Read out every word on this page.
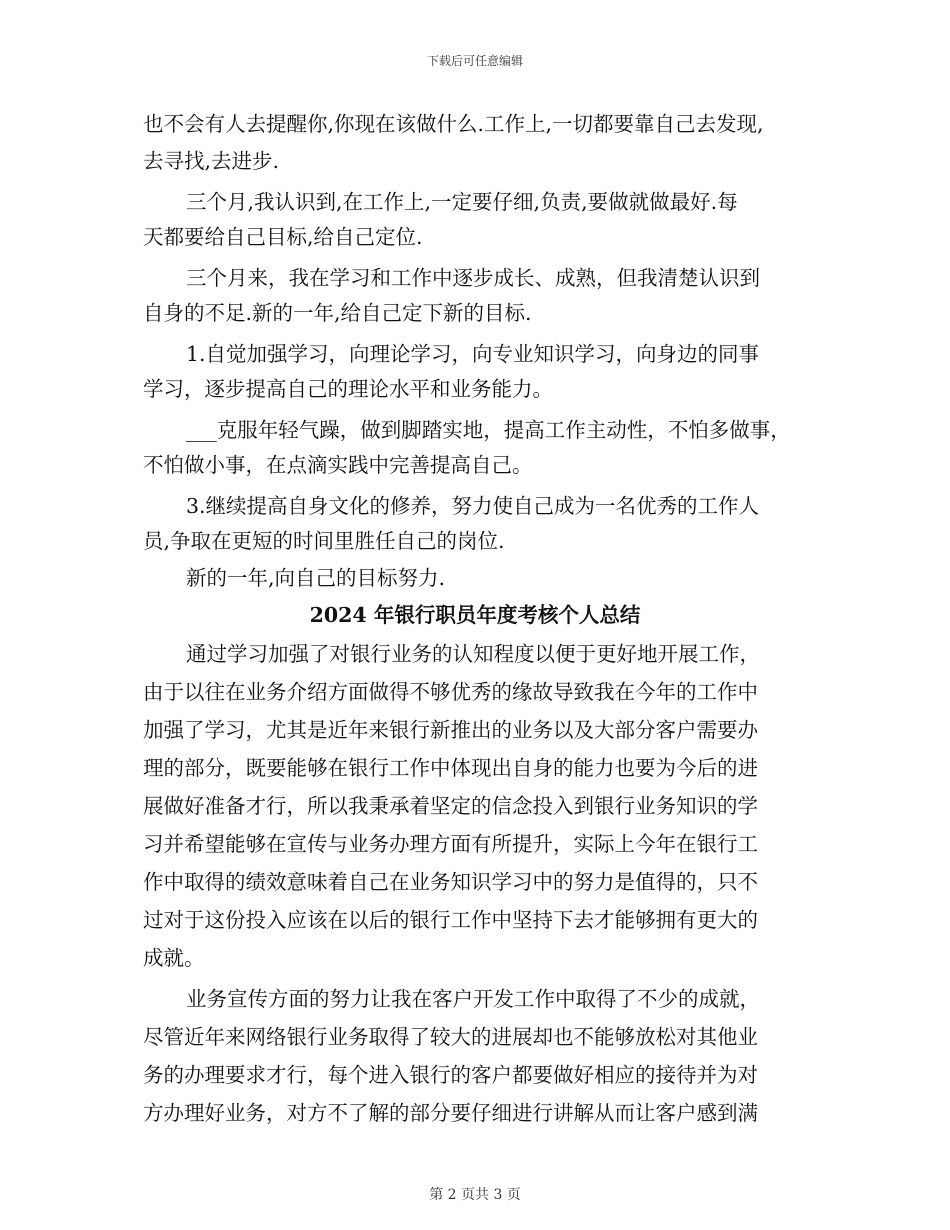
下载后可任意编辑
也不会有人去提醒你,你现在该做什么.工作上,一切都要靠自己去发现,
去寻找,去进步.
三个月,我认识到,在工作上,一定要仔细,负责,要做就做最好.每
天都要给自己目标,给自己定位.
三个月来，我在学习和工作中逐步成长、成熟，但我清楚认识到
自身的不足.新的一年,给自己定下新的目标.
1.自觉加强学习，向理论学习，向专业知识学习，向身边的同事
学习，逐步提高自己的理论水平和业务能力。
___克服年轻气躁，做到脚踏实地，提高工作主动性，不怕多做事，
不怕做小事，在点滴实践中完善提高自己。
3.继续提高自身文化的修养，努力使自己成为一名优秀的工作人
员,争取在更短的时间里胜任自己的岗位.
新的一年,向自己的目标努力.
2024 年银行职员年度考核个人总结
通过学习加强了对银行业务的认知程度以便于更好地开展工作，
由于以往在业务介绍方面做得不够优秀的缘故导致我在今年的工作中
加强了学习，尤其是近年来银行新推出的业务以及大部分客户需要办
理的部分，既要能够在银行工作中体现出自身的能力也要为今后的进
展做好准备才行，所以我秉承着坚定的信念投入到银行业务知识的学
习并希望能够在宣传与业务办理方面有所提升，实际上今年在银行工
作中取得的绩效意味着自己在业务知识学习中的努力是值得的，只不
过对于这份投入应该在以后的银行工作中坚持下去才能够拥有更大的
成就。
业务宣传方面的努力让我在客户开发工作中取得了不少的成就，
尽管近年来网络银行业务取得了较大的进展却也不能够放松对其他业
务的办理要求才行，每个进入银行的客户都要做好相应的接待并为对
方办理好业务，对方不了解的部分要仔细进行讲解从而让客户感到满
第 2 页共 3 页
